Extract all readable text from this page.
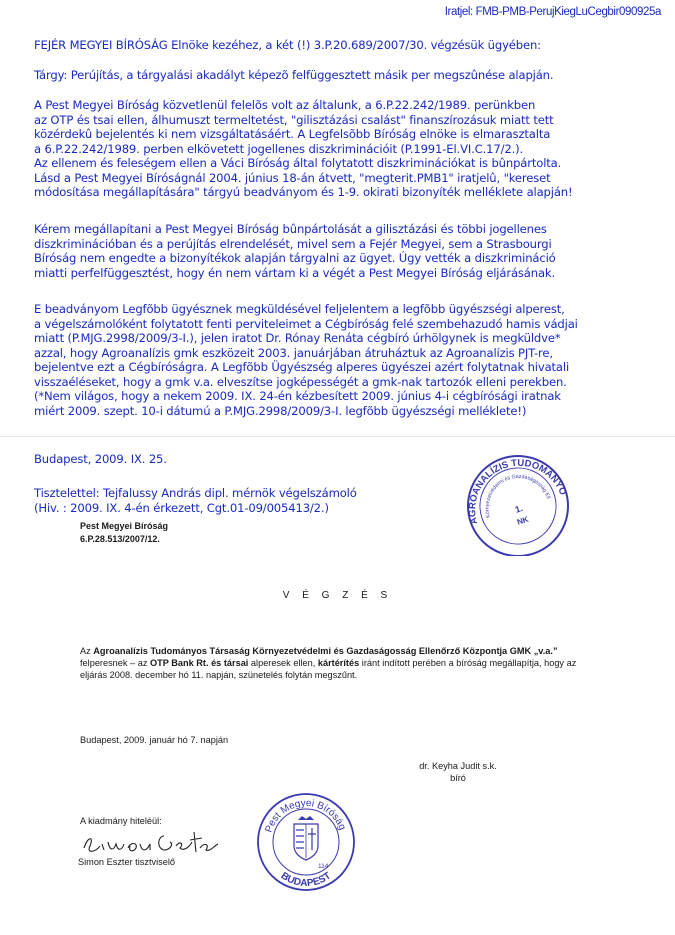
Iratjel: FMB-PMB-PerujKiegLuCegbir090925a
FEJÉR MEGYEI BÍRÓSÁG Elnöke kezéhez, a két (!) 3.P.20.689/2007/30. végzésük ügyében:
Tárgy: Perújítás, a tárgyalási akadályt képezõ felfüggesztett másik per megszûnése alapján.
A Pest Megyei Bíróság közvetlenül felelõs volt az általunk, a 6.P.22.242/1989. perünkben
az OTP és tsai ellen, álhumuszt termeltetést, "gilisztázási csalást" finanszírozásuk miatt tett
közérdekû bejelentés ki nem vizsgáltatásáért. A Legfelsõbb Bíróság elnöke is elmarasztalta
a 6.P.22.242/1989. perben elkövetett jogellenes diszkriminációit (P.1991-El.VI.C.17/2.).
Az ellenem és feleségem ellen a Váci Bíróság által folytatott diszkriminációkat is bûnpártolta.
Lásd a Pest Megyei Bíróságnál 2004. június 18-án átvett, "megterit.PMB1" iratjelû, "kereset
módosítása megállapítására" tárgyú beadványom és 1-9. okirati bizonyíték melléklete alapján!
Kérem megállapítani a Pest Megyei Bíróság bûnpártolását a gilisztázási és többi jogellenes
diszkriminációban és a perújítás elrendelését, mivel sem a Fejér Megyei, sem a Strasbourgi
Bíróság nem engedte a bizonyítékok alapján tárgyalni az ügyet. Úgy vették a diszkrimináció
miatti perfelfüggesztést, hogy én nem vártam ki a végét a Pest Megyei Bíróság eljárásának.
E beadványom Legfõbb ügyésznek megküldésével feljelentem a legfõbb ügyészségi alperest,
a végelszámolóként folytatott fenti perviteleimet a Cégbíróság felé szembehazudó hamis vádjai
miatt (P.MJG.2998/2009/3-I.), jelen iratot Dr. Rónay Renáta cégbíró úrhölgynek is megküldve*
azzal, hogy Agroanalízis gmk eszközeit 2003. januárjában átruháztuk az Agroanalízis PJT-re,
bejelentve ezt a Cégbíróságra. A Legfõbb Ügyészség alperes ügyészei azért folytatnak hivatali
visszaéléseket, hogy a gmk v.a. elveszítse jogképességét a gmk-nak tartozók elleni perekben.
(*Nem világos, hogy a nekem 2009. IX. 24-én kézbesített 2009. június 4-i cégbírósági iratnak
miért 2009. szept. 10-i dátumú a P.MJG.2998/2009/3-I. legfõbb ügyészségi melléklete!)
Budapest, 2009. IX. 25.
Tisztelettel: Tejfalussy András dipl. mérnök végelszámoló
(Hiv. : 2009. IX. 4-én érkezett, Cgt.01-09/005413/2.)
AGROANALÍZIS TUDOMÁNYOS
Környezetvédelmi és Gazdaságosság Ellenőrző
1.
NK
Pest Megyei Bíróság
6.P.28.513/2007/12.
V É G Z É S
Az Agroanalízis Tudományos Társaság Környezetvédelmi és Gazdaságosság Ellenőrző Központja GMK „v.a.” felperesnek – az OTP Bank Rt. és társai alperesek ellen, kártérítés iránt indított perében a bíróság megállapítja, hogy az eljárás 2008. december hó 11. napján, szünetelés folytán megszűnt.
Budapest, 2009. január hó 7. napján
dr. Keyha Judit s.k.
bíró
A kiadmány hiteléül:
Simon Eszter tisztviselő
Pest Megyei Bíróság
BUDAPEST
114
